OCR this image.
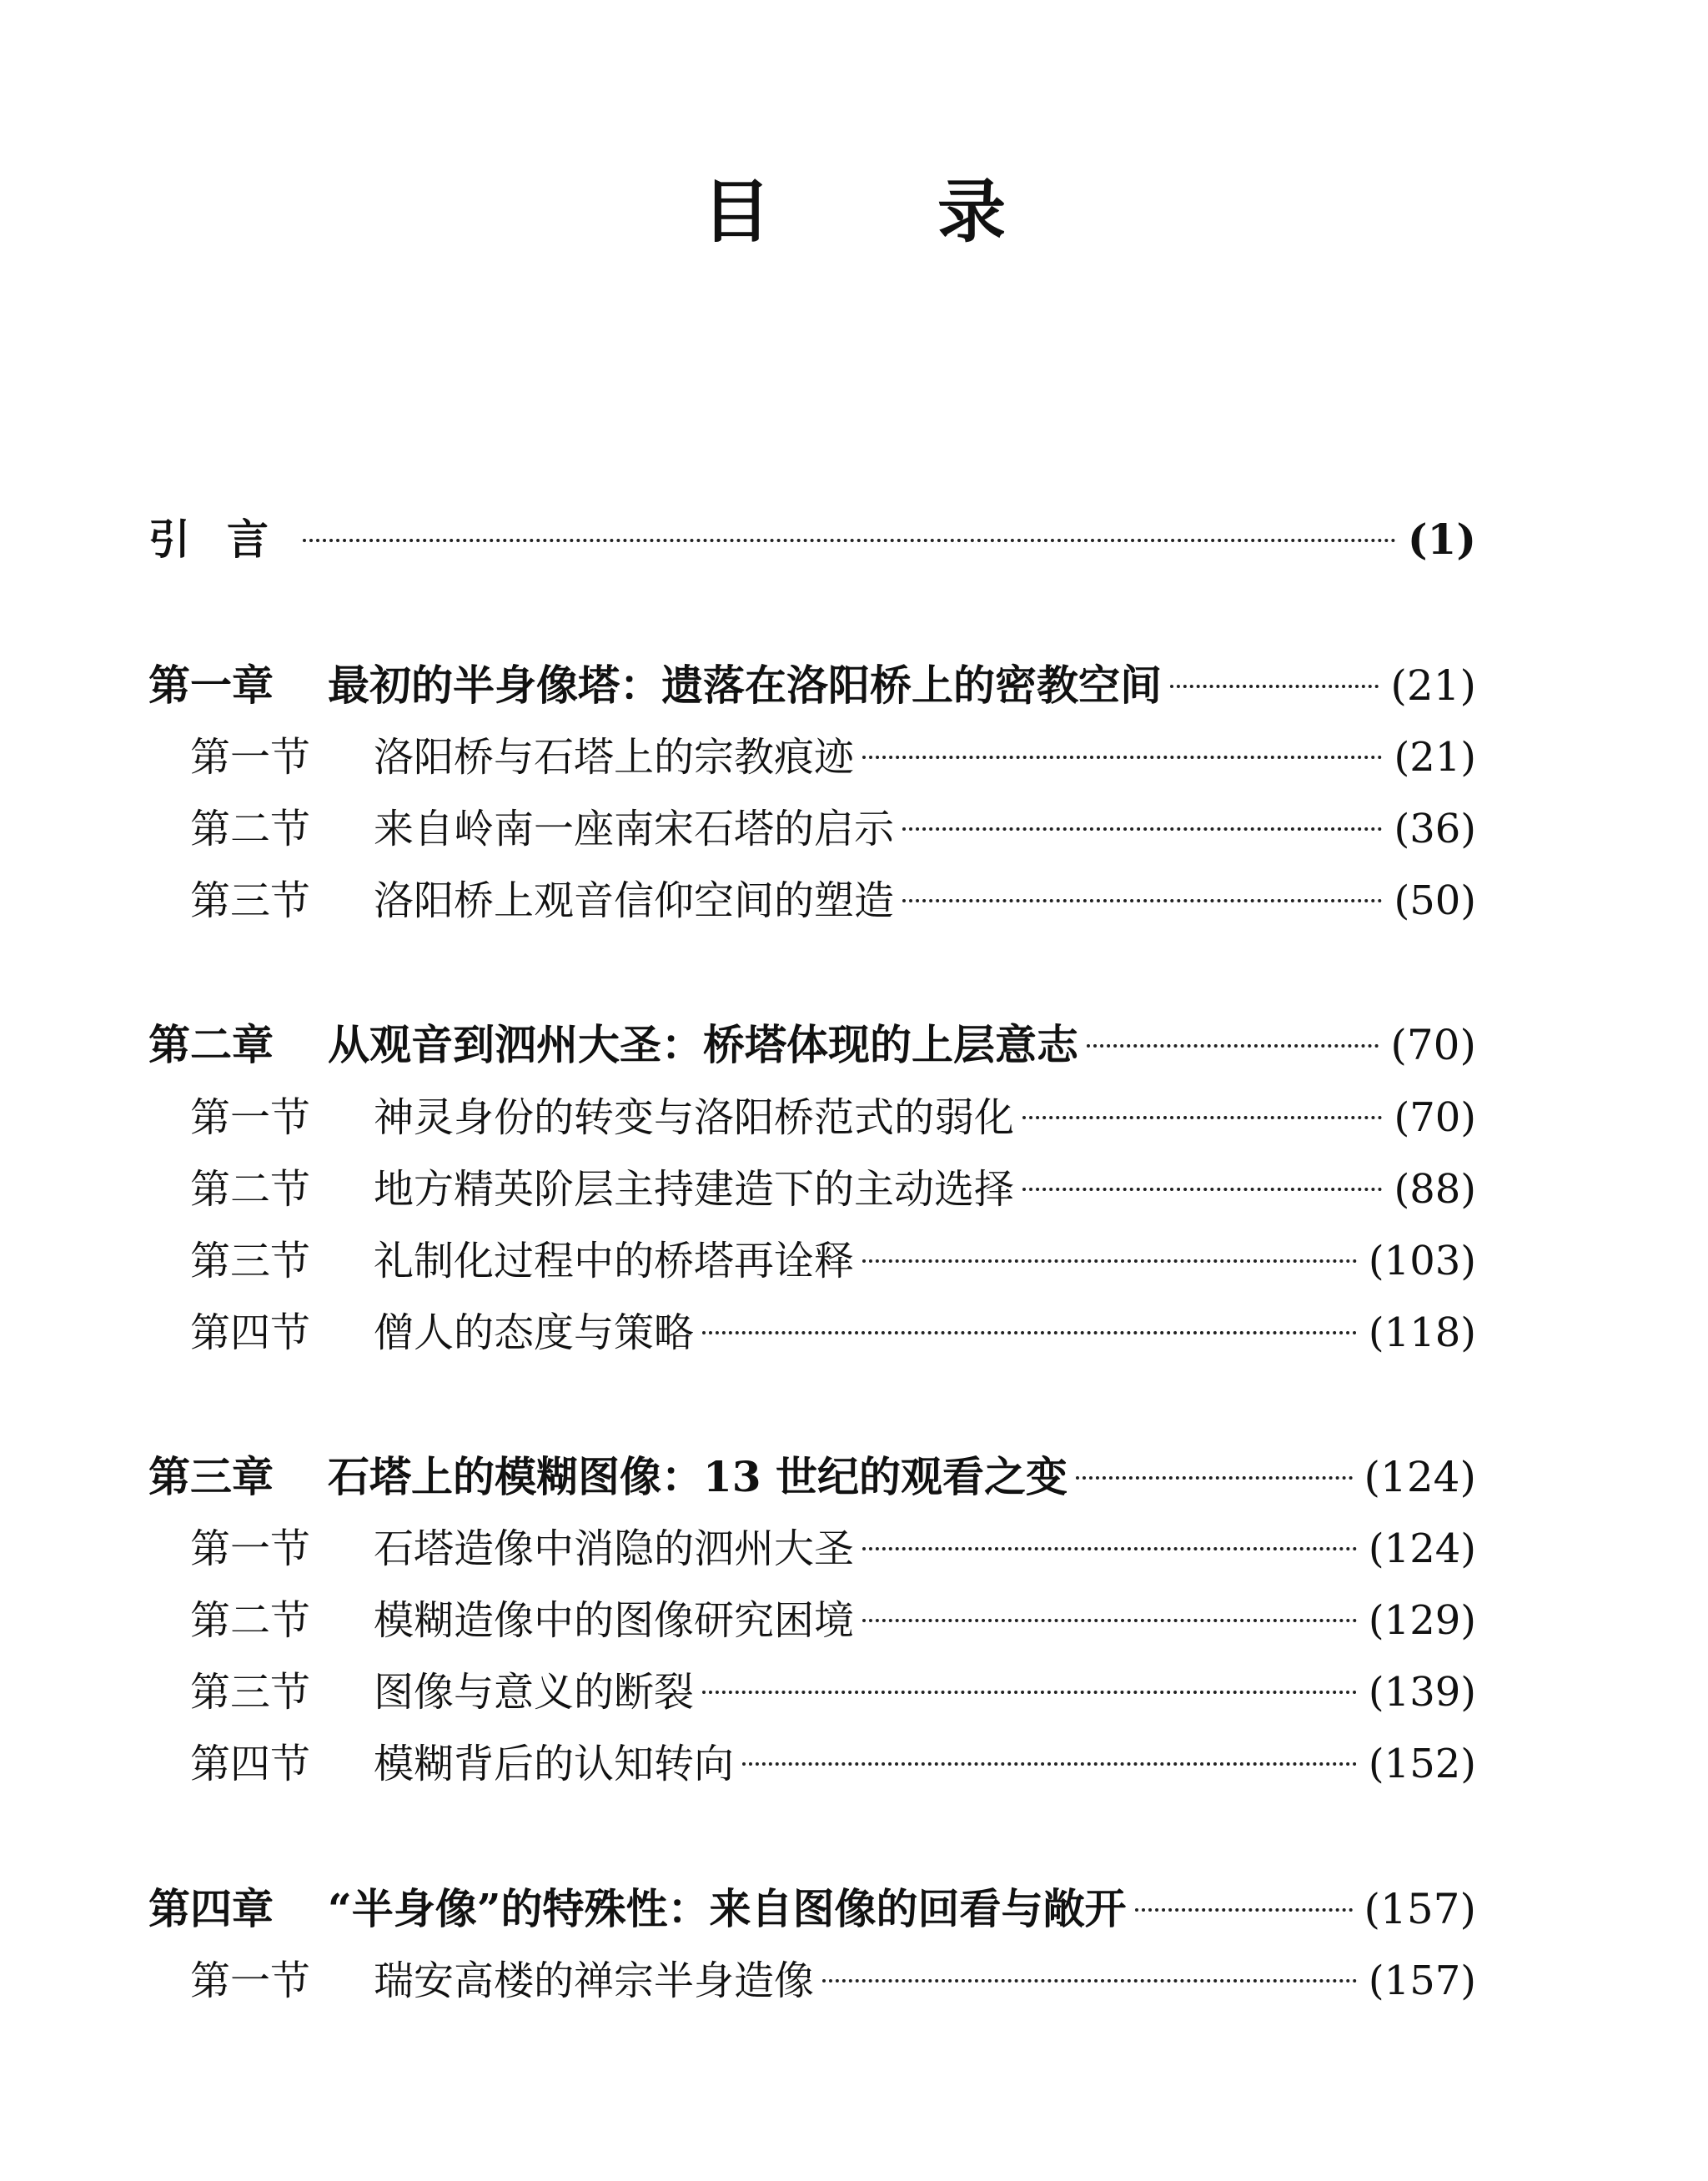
目 录
引言	(1)
第一章	最初的半身像塔：遗落在洛阳桥上的密教空间	(21)
第一节	洛阳桥与石塔上的宗教痕迹	(21)
第二节	来自岭南一座南宋石塔的启示	(36)
第三节	洛阳桥上观音信仰空间的塑造	(50)
第二章	从观音到泗州大圣：桥塔体现的上层意志	(70)
第一节	神灵身份的转变与洛阳桥范式的弱化	(70)
第二节	地方精英阶层主持建造下的主动选择	(88)
第三节	礼制化过程中的桥塔再诠释	(103)
第四节	僧人的态度与策略	(118)
第三章	石塔上的模糊图像：13 世纪的观看之变	(124)
第一节	石塔造像中消隐的泗州大圣	(124)
第二节	模糊造像中的图像研究困境	(129)
第三节	图像与意义的断裂	(139)
第四节	模糊背后的认知转向	(152)
第四章	“半身像”的特殊性：来自图像的回看与敞开	(157)
第一节	瑞安高楼的禅宗半身造像	(157)
